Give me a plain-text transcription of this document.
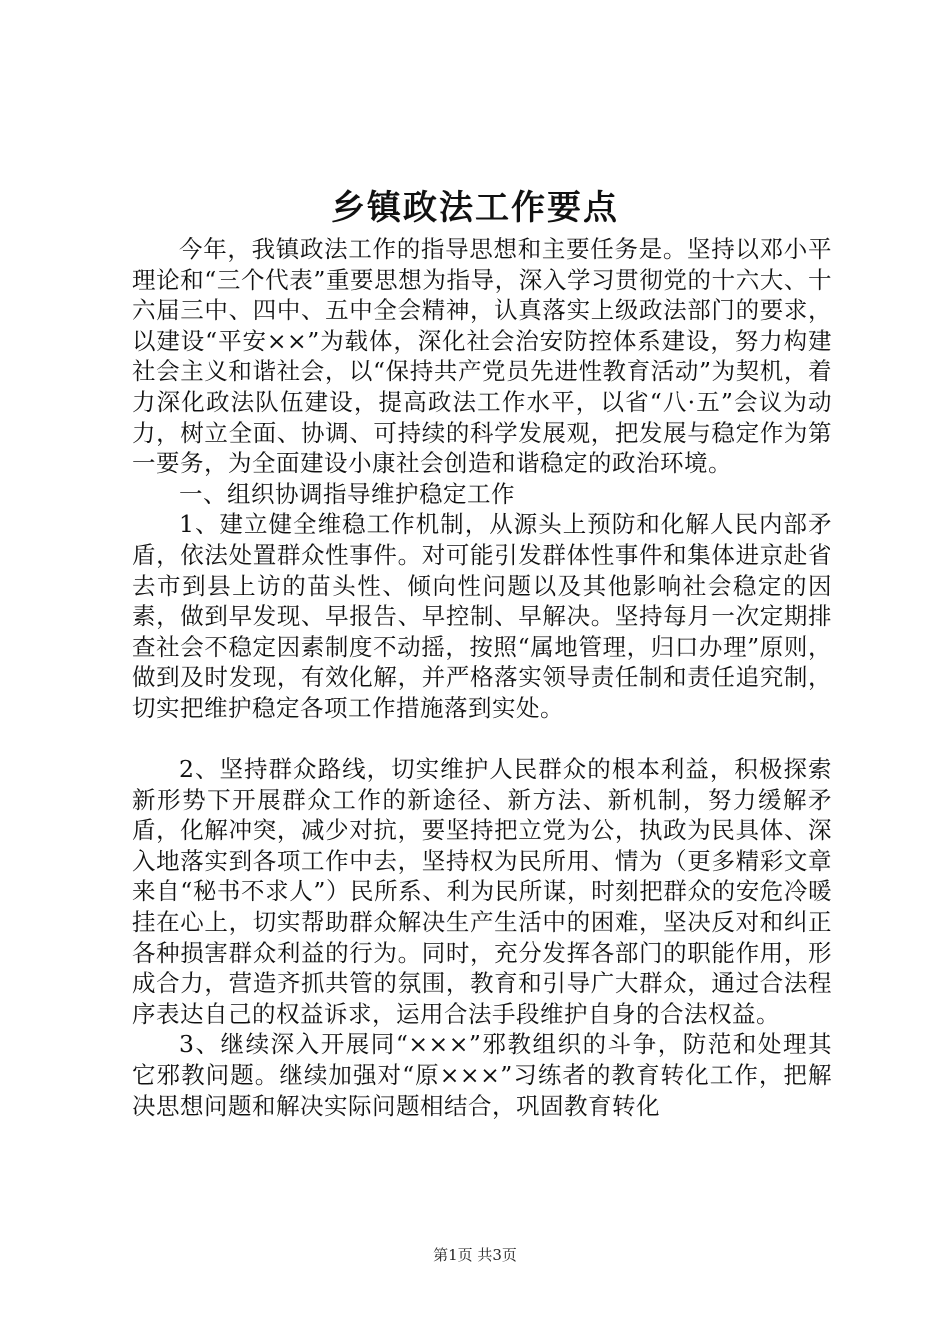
乡镇政法工作要点

今年，我镇政法工作的指导思想和主要任务是。坚持以邓小平理论和“三个代表”重要思想为指导，深入学习贯彻党的十六大、十六届三中、四中、五中全会精神，认真落实上级政法部门的要求，以建设“平安××”为载体，深化社会治安防控体系建设，努力构建社会主义和谐社会，以“保持共产党员先进性教育活动”为契机，着力深化政法队伍建设，提高政法工作水平，以省“八·五”会议为动力，树立全面、协调、可持续的科学发展观，把发展与稳定作为第一要务，为全面建设小康社会创造和谐稳定的政治环境。

一、组织协调指导维护稳定工作

1、建立健全维稳工作机制，从源头上预防和化解人民内部矛盾，依法处置群众性事件。对可能引发群体性事件和集体进京赴省去市到县上访的苗头性、倾向性问题以及其他影响社会稳定的因素，做到早发现、早报告、早控制、早解决。坚持每月一次定期排查社会不稳定因素制度不动摇，按照“属地管理，归口办理”原则，做到及时发现，有效化解，并严格落实领导责任制和责任追究制，切实把维护稳定各项工作措施落到实处。

2、坚持群众路线，切实维护人民群众的根本利益，积极探索新形势下开展群众工作的新途径、新方法、新机制，努力缓解矛盾，化解冲突，减少对抗，要坚持把立党为公，执政为民具体、深入地落实到各项工作中去，坚持权为民所用、情为（更多精彩文章来自“秘书不求人”）民所系、利为民所谋，时刻把群众的安危冷暖挂在心上，切实帮助群众解决生产生活中的困难，坚决反对和纠正各种损害群众利益的行为。同时，充分发挥各部门的职能作用，形成合力，营造齐抓共管的氛围，教育和引导广大群众，通过合法程序表达自己的权益诉求，运用合法手段维护自身的合法权益。

3、继续深入开展同“×××”邪教组织的斗争，防范和处理其它邪教问题。继续加强对“原×××”习练者的教育转化工作，把解决思想问题和解决实际问题相结合，巩固教育转化

第1页 共3页
